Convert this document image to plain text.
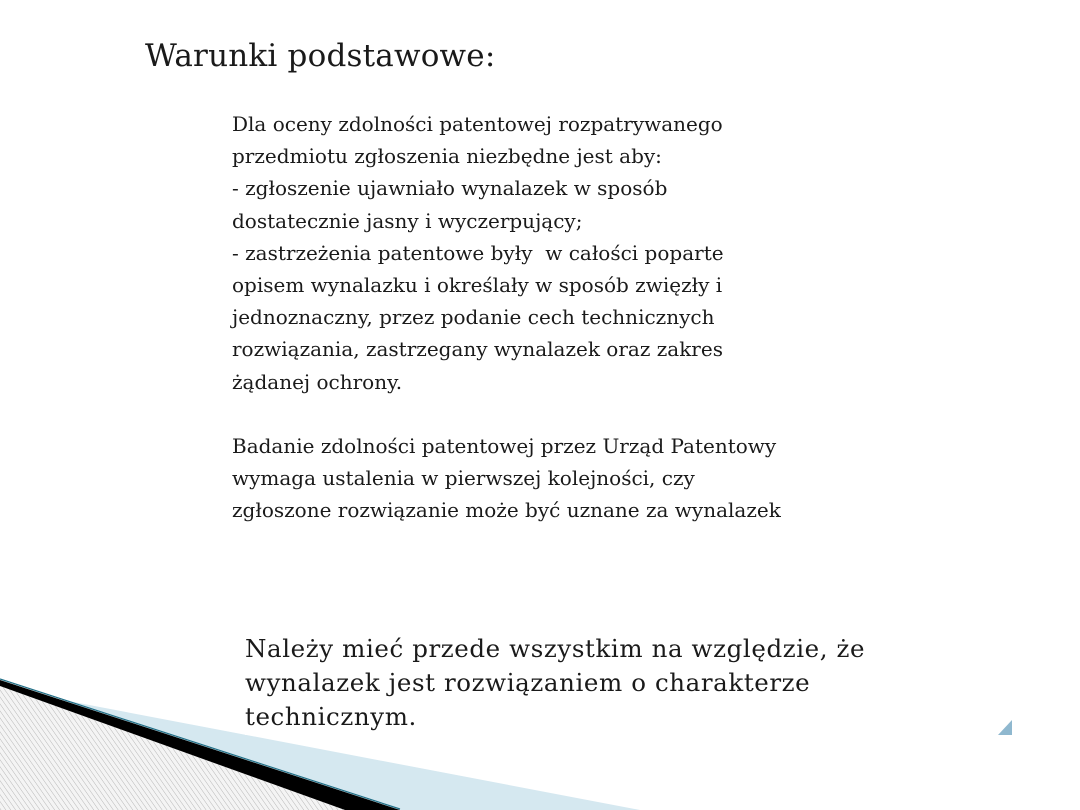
Warunki podstawowe:
Dla oceny zdolności patentowej rozpatrywanego
przedmiotu zgłoszenia niezbędne jest aby:
- zgłoszenie ujawniało wynalazek w sposób
dostatecznie jasny i wyczerpujący;
- zastrzeżenia patentowe były  w całości poparte
opisem wynalazku i określały w sposób zwięzły i
jednoznaczny, przez podanie cech technicznych
rozwiązania, zastrzegany wynalazek oraz zakres
żądanej ochrony.
Badanie zdolności patentowej przez Urząd Patentowy
wymaga ustalenia w pierwszej kolejności, czy
zgłoszone rozwiązanie może być uznane za wynalazek
Należy mieć przede wszystkim na względzie, że
wynalazek jest rozwiązaniem o charakterze
technicznym.
